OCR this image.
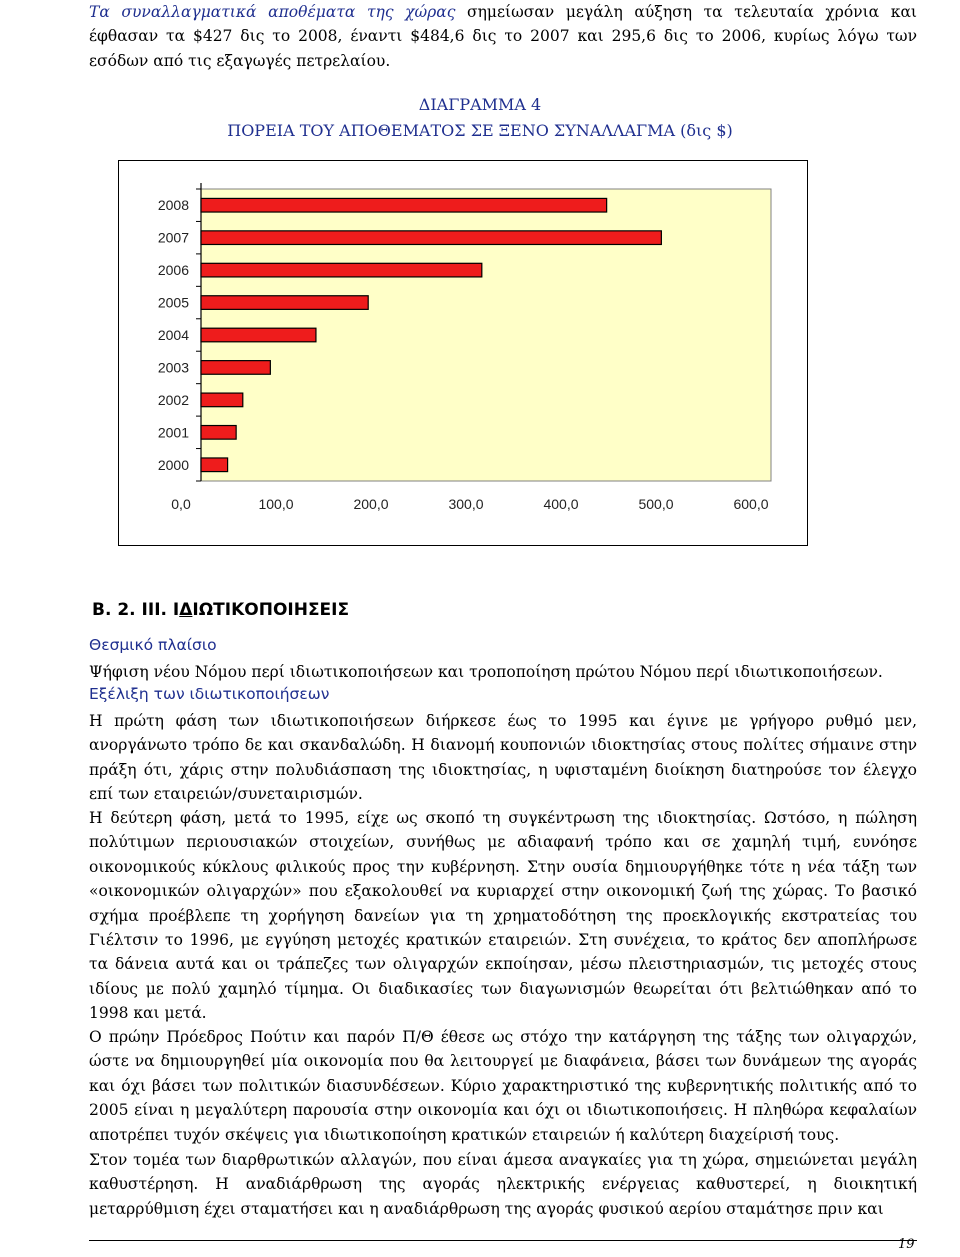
Τα συναλλαγματικά αποθέματα της χώρας σημείωσαν μεγάλη αύξηση τα τελευταία χρόνια και έφθασαν τα $427 δις το 2008, έναντι $484,6 δις το 2007 και 295,6 δις το 2006, κυρίως λόγω των εσόδων από τις εξαγωγές πετρελαίου.

ΔΙΑΓΡΑΜΜΑ 4

ΠΟΡΕΙΑ ΤΟΥ ΑΠΟΘΕΜΑΤΟΣ ΣΕ ΞΕΝΟ ΣΥΝΑΛΛΑΓΜΑ (δις $)

2008
2007
2006
2005
2004
2003
2002
2001
2000
0,0	100,0	200,0	300,0	400,0	500,0	600,0

Β. 2. ΙΙΙ. ΙΔΙΩΤΙΚΟΠΟΙΗΣΕΙΣ

Θεσμικό πλαίσιο

Ψήφιση νέου Νόμου περί ιδιωτικοποιήσεων και τροποποίηση πρώτου Νόμου περί ιδιωτικοποιήσεων.

Εξέλιξη των ιδιωτικοποιήσεων

Η πρώτη φάση των ιδιωτικοποιήσεων διήρκεσε έως το 1995 και έγινε με γρήγορο ρυθμό μεν, ανοργάνωτο τρόπο δε και σκανδαλώδη. Η διανομή κουπονιών ιδιοκτησίας στους πολίτες σήμαινε στην πράξη ότι, χάρις στην πολυδιάσπαση της ιδιοκτησίας, η υφισταμένη διοίκηση διατηρούσε τον έλεγχο επί των εταιρειών/συνεταιρισμών.

Η δεύτερη φάση, μετά το 1995, είχε ως σκοπό τη συγκέντρωση της ιδιοκτησίας. Ωστόσο, η πώληση πολύτιμων περιουσιακών στοιχείων, συνήθως με αδιαφανή τρόπο και σε χαμηλή τιμή, ευνόησε οικονομικούς κύκλους φιλικούς προς την κυβέρνηση. Στην ουσία δημιουργήθηκε τότε η νέα τάξη των «οικονομικών ολιγαρχών» που εξακολουθεί να κυριαρχεί στην οικονομική ζωή της χώρας. Το βασικό σχήμα προέβλεπε τη χορήγηση δανείων για τη χρηματοδότηση της προεκλογικής εκστρατείας του Γιέλτσιν το 1996, με εγγύηση μετοχές κρατικών εταιρειών. Στη συνέχεια, το κράτος δεν αποπλήρωσε τα δάνεια αυτά και οι τράπεζες των ολιγαρχών εκποίησαν, μέσω πλειστηριασμών, τις μετοχές στους ιδίους με πολύ χαμηλό τίμημα. Οι διαδικασίες των διαγωνισμών θεωρείται ότι βελτιώθηκαν από το 1998 και μετά.

Ο πρώην Πρόεδρος Πούτιν και παρόν Π/Θ έθεσε ως στόχο την κατάργηση της τάξης των ολιγαρχών, ώστε να δημιουργηθεί μία οικονομία που θα λειτουργεί με διαφάνεια, βάσει των δυνάμεων της αγοράς και όχι βάσει των πολιτικών διασυνδέσεων. Κύριο χαρακτηριστικό της κυβερνητικής πολιτικής από το 2005 είναι η μεγαλύτερη παρουσία στην οικονομία και όχι οι ιδιωτικοποιήσεις. Η πληθώρα κεφαλαίων αποτρέπει τυχόν σκέψεις για ιδιωτικοποίηση κρατικών εταιρειών ή καλύτερη διαχείρισή τους.

Στον τομέα των διαρθρωτικών αλλαγών, που είναι άμεσα αναγκαίες για τη χώρα, σημειώνεται μεγάλη καθυστέρηση. Η αναδιάρθρωση της αγοράς ηλεκτρικής ενέργειας καθυστερεί, η διοικητική μεταρρύθμιση έχει σταματήσει και η αναδιάρθρωση της αγοράς φυσικού αερίου σταμάτησε πριν και

19
